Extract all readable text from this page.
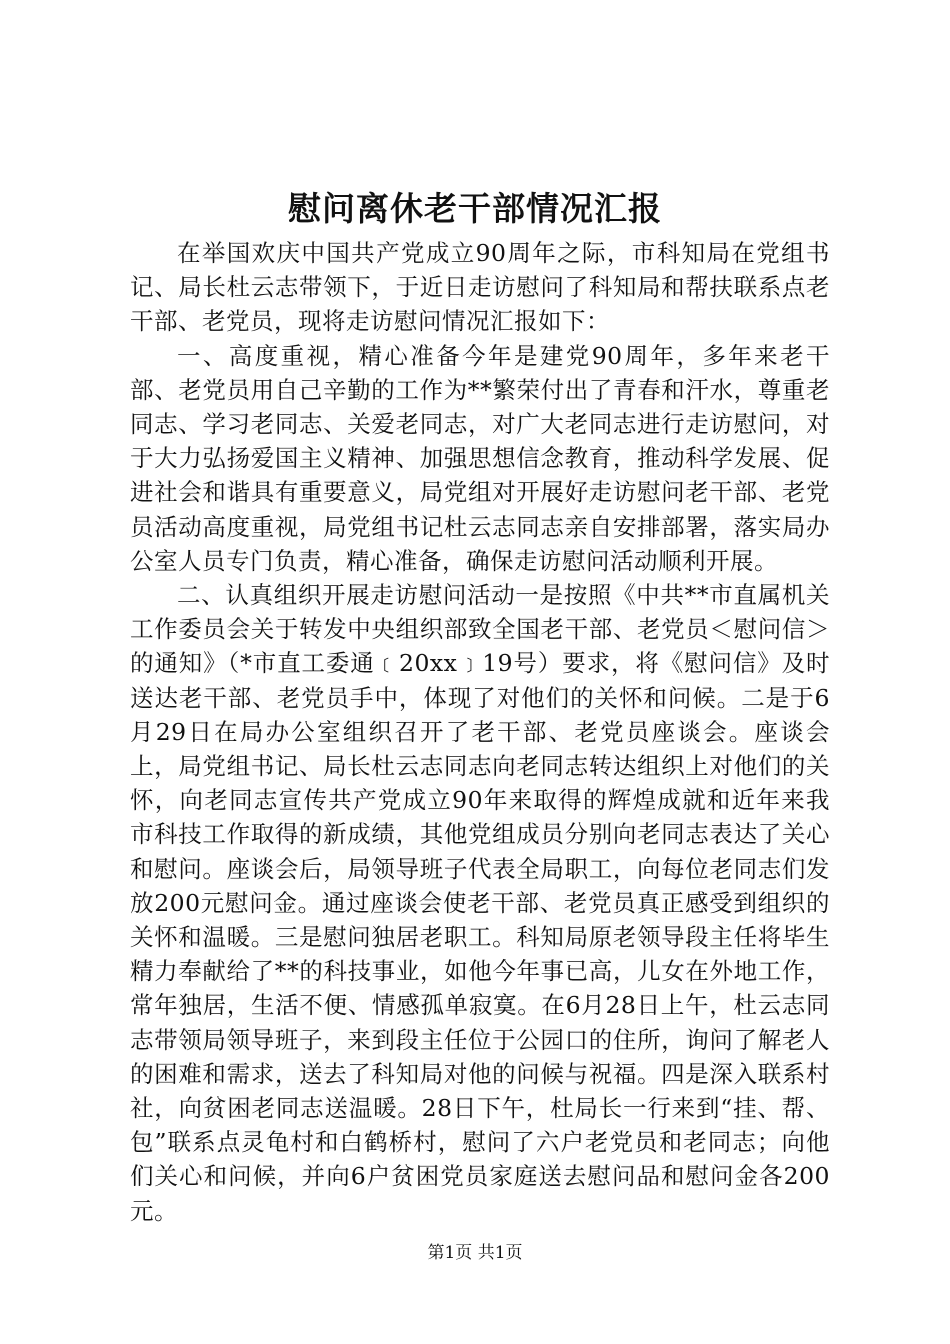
慰问离休老干部情况汇报

在举国欢庆中国共产党成立90周年之际，市科知局在党组书记、局长杜云志带领下，于近日走访慰问了科知局和帮扶联系点老干部、老党员，现将走访慰问情况汇报如下：

一、高度重视，精心准备今年是建党90周年，多年来老干部、老党员用自己辛勤的工作为**繁荣付出了青春和汗水，尊重老同志、学习老同志、关爱老同志，对广大老同志进行走访慰问，对于大力弘扬爱国主义精神、加强思想信念教育，推动科学发展、促进社会和谐具有重要意义，局党组对开展好走访慰问老干部、老党员活动高度重视，局党组书记杜云志同志亲自安排部署，落实局办公室人员专门负责，精心准备，确保走访慰问活动顺利开展。

二、认真组织开展走访慰问活动一是按照《中共**市直属机关工作委员会关于转发中央组织部致全国老干部、老党员＜慰问信＞的通知》（*市直工委通﹝20xx﹞19号）要求，将《慰问信》及时送达老干部、老党员手中，体现了对他们的关怀和问候。二是于6月29日在局办公室组织召开了老干部、老党员座谈会。座谈会上，局党组书记、局长杜云志同志向老同志转达组织上对他们的关怀，向老同志宣传共产党成立90年来取得的辉煌成就和近年来我市科技工作取得的新成绩，其他党组成员分别向老同志表达了关心和慰问。座谈会后，局领导班子代表全局职工，向每位老同志们发放200元慰问金。通过座谈会使老干部、老党员真正感受到组织的关怀和温暖。三是慰问独居老职工。科知局原老领导段主任将毕生精力奉献给了**的科技事业，如他今年事已高，儿女在外地工作，常年独居，生活不便、情感孤单寂寞。在6月28日上午，杜云志同志带领局领导班子，来到段主任位于公园口的住所，询问了解老人的困难和需求，送去了科知局对他的问候与祝福。四是深入联系村社，向贫困老同志送温暖。28日下午，杜局长一行来到“挂、帮、包”联系点灵龟村和白鹤桥村，慰问了六户老党员和老同志；向他们关心和问候，并向6户贫困党员家庭送去慰问品和慰问金各200元。

第1页 共1页
